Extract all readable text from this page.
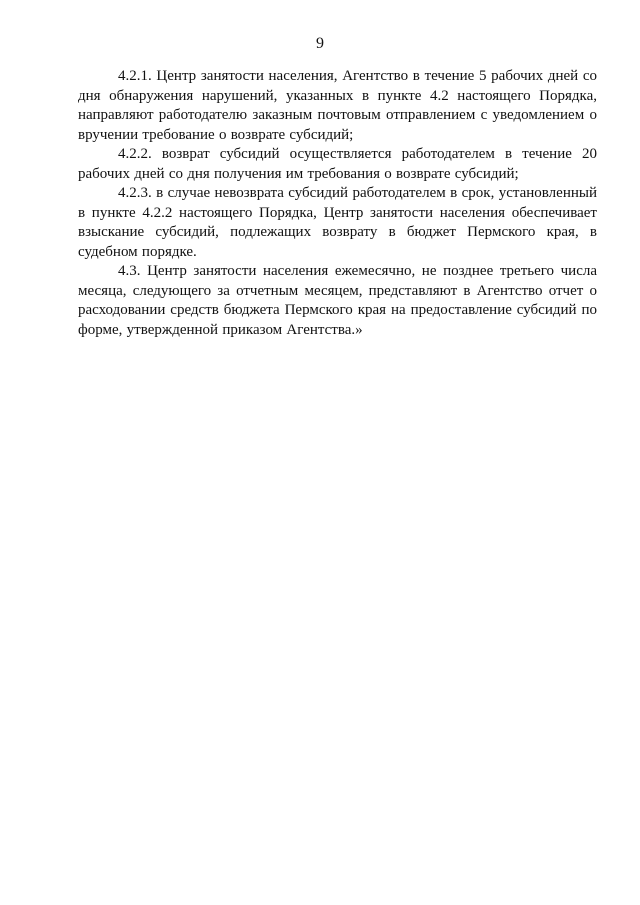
9

4.2.1. Центр занятости населения, Агентство в течение 5 рабочих дней со дня обнаружения нарушений, указанных в пункте 4.2 настоящего Порядка, направляют работодателю заказным почтовым отправлением с уведомлением о вручении требование о возврате субсидий;

4.2.2. возврат субсидий осуществляется работодателем в течение 20 рабочих дней со дня получения им требования о возврате субсидий;

4.2.3. в случае невозврата субсидий работодателем в срок, установленный в пункте 4.2.2 настоящего Порядка, Центр занятости населения обеспечивает взыскание субсидий, подлежащих возврату в бюджет Пермского края, в судебном порядке.

4.3. Центр занятости населения ежемесячно, не позднее третьего числа месяца, следующего за отчетным месяцем, представляют в Агентство отчет о расходовании средств бюджета Пермского края на предоставление субсидий по форме, утвержденной приказом Агентства.»
